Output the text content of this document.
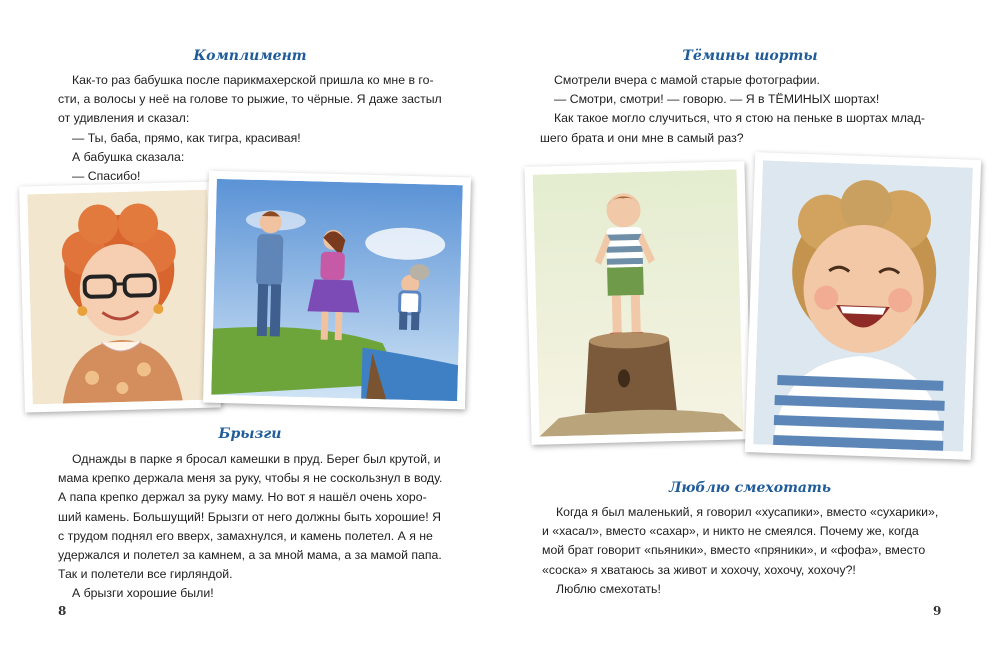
Комплимент

Как-то раз бабушка после парикмахерской пришла ко мне в го-

сти, а волосы у неё на голове то рыжие, то чёрные. Я даже застыл

от удивления и сказал:

— Ты, баба, прямо, как тигра, красивая!

А бабушка сказала:

— Спасибо!

Брызги

Однажды в парке я бросал камешки в пруд. Берег был крутой, и

мама крепко держала меня за руку, чтобы я не соскользнул в воду.

А папа крепко держал за руку маму. Но вот я нашёл очень хоро-

ший камень. Большущий! Брызги от него должны быть хорошие! Я

с трудом поднял его вверх, замахнулся, и камень полетел. А я не

удержался и полетел за камнем, а за мной мама, а за мамой папа.

Так и полетели все гирляндой.

А брызги хорошие были!

8
Тёмины шорты

Смотрели вчера с мамой старые фотографии.

— Смотри, смотри! — говорю. — Я в ТЁМИНЫХ шортах!

Как такое могло случиться, что я стою на пеньке в шортах млад-

шего брата и они мне в самый раз?

Люблю смехотать

Когда я был маленький, я говорил «хусапики», вместо «сухарики»,

и «хасал», вместо «сахар», и никто не смеялся. Почему же, когда

мой брат говорит «пьяники», вместо «пряники», и «фофа», вместо

«соска» я хватаюсь за живот и хохочу, хохочу, хохочу?!

Люблю смехотать!

9
